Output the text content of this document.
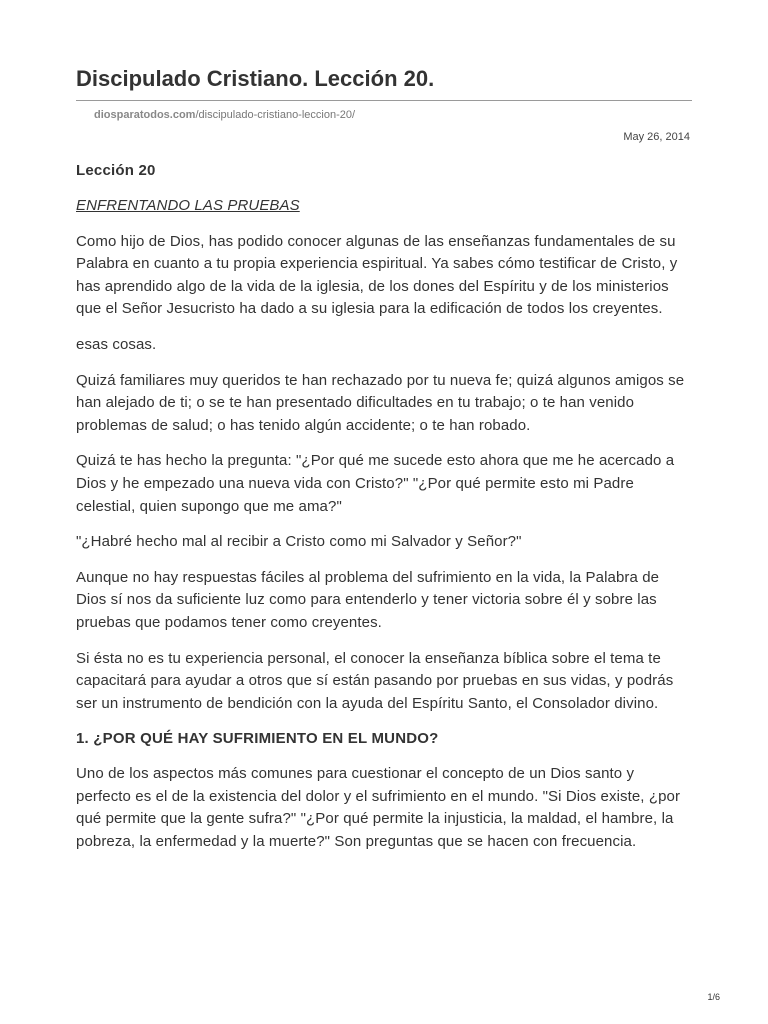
Discipulado Cristiano. Lección 20.
diosparatodos.com/discipulado-cristiano-leccion-20/
May 26, 2014
Lección 20

ENFRENTANDO LAS PRUEBAS

Como hijo de Dios, has podido conocer algunas de las enseñanzas fundamentales de su Palabra en cuanto a tu propia experiencia espiritual. Ya sabes cómo testificar de Cristo, y has aprendido algo de la vida de la iglesia, de los dones del Espíritu y de los ministerios que el Señor Jesucristo ha dado a su iglesia para la edificación de todos los creyentes.

esas cosas.

Quizá familiares muy queridos te han rechazado por tu nueva fe; quizá algunos amigos se han alejado de ti; o se te han presentado dificultades en tu trabajo; o te han venido problemas de salud; o has tenido algún accidente; o te han robado.

Quizá te has hecho la pregunta: "¿Por qué me sucede esto ahora que me he acercado a Dios y he empezado una nueva vida con Cristo?" "¿Por qué permite esto mi Padre celestial, quien supongo que me ama?"

"¿Habré hecho mal al recibir a Cristo como mi Salvador y Señor?"

Aunque no hay respuestas fáciles al problema del sufrimiento en la vida, la Palabra de Dios sí nos da suficiente luz como para entenderlo y tener victoria sobre él y sobre las pruebas que podamos tener como creyentes.

Si ésta no es tu experiencia personal, el conocer la enseñanza bíblica sobre el tema te capacitará para ayudar a otros que sí están pasando por pruebas en sus vidas, y podrás ser un instrumento de bendición con la ayuda del Espíritu Santo, el Consolador divino.

1. ¿POR QUÉ HAY SUFRIMIENTO EN EL MUNDO?

Uno de los aspectos más comunes para cuestionar el concepto de un Dios santo y perfecto es el de la existencia del dolor y el sufrimiento en el mundo. "Si Dios existe, ¿por qué permite que la gente sufra?" "¿Por qué permite la injusticia, la maldad, el hambre, la pobreza, la enfermedad y la muerte?" Son preguntas que se hacen con frecuencia.

1/6
